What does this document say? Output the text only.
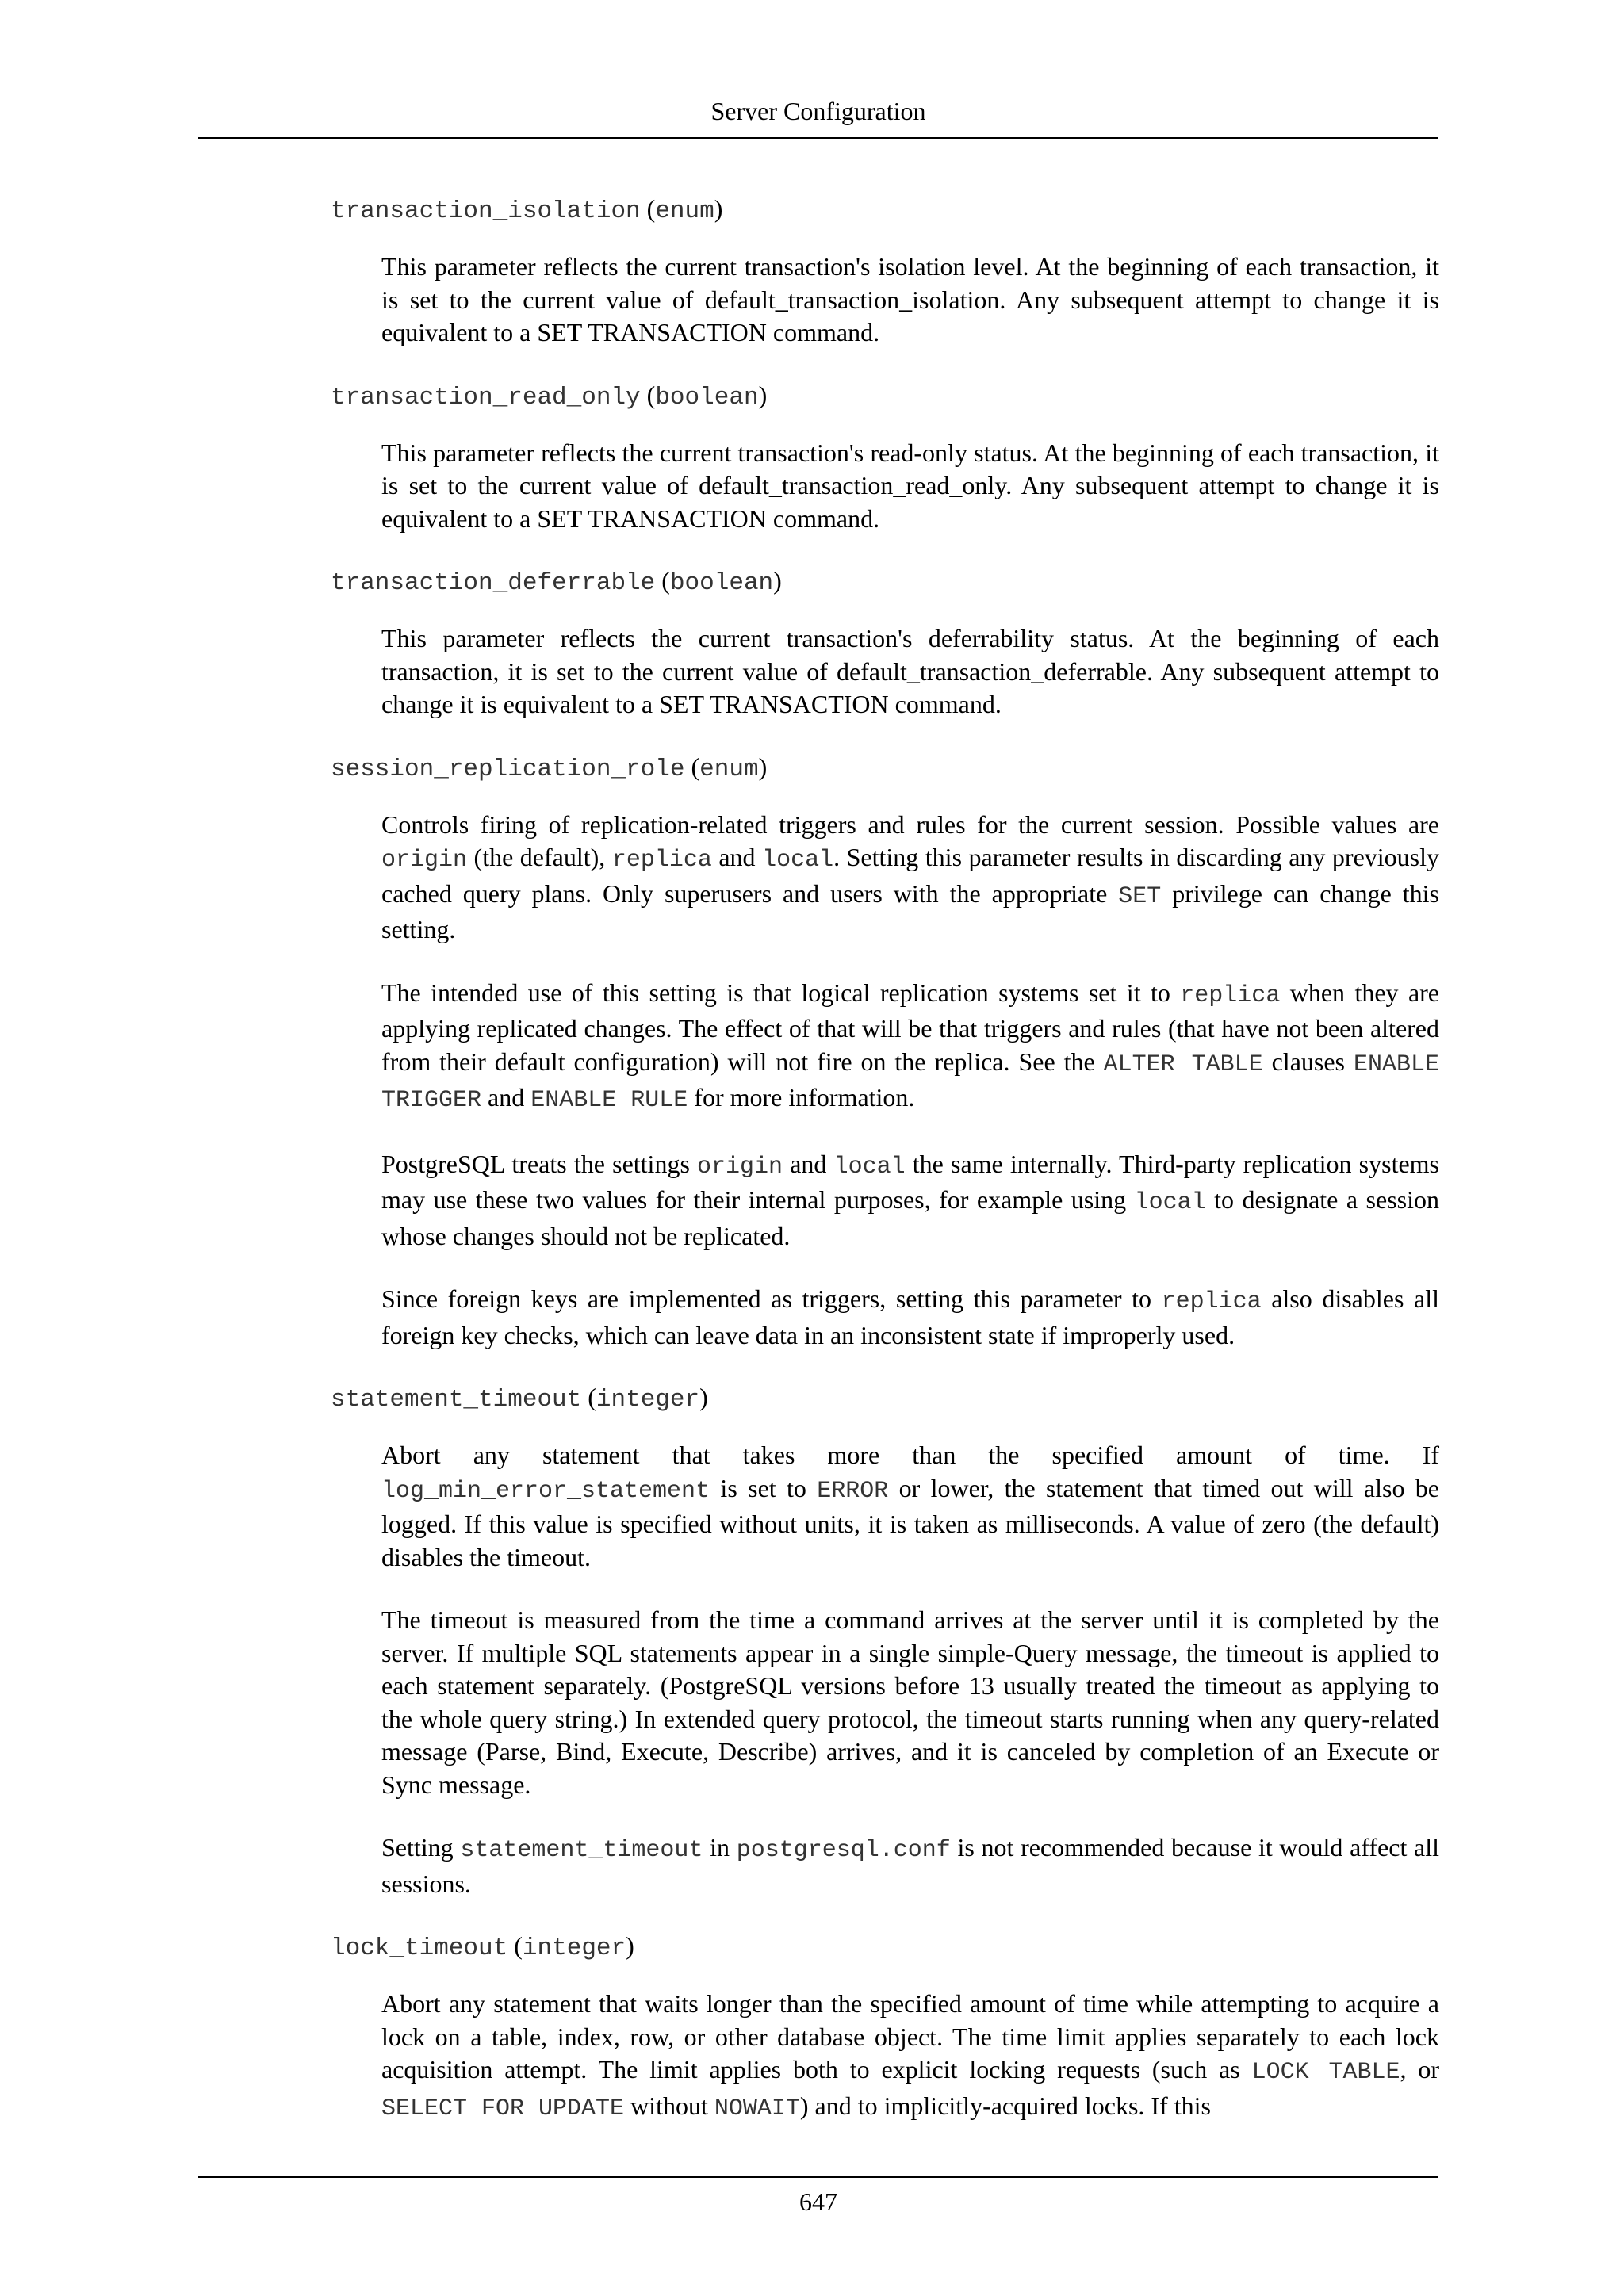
Server Configuration

transaction_isolation (enum)

This parameter reflects the current transaction's isolation level. At the beginning of each transaction, it is set to the current value of default_transaction_isolation. Any subsequent attempt to change it is equivalent to a SET TRANSACTION command.

transaction_read_only (boolean)

This parameter reflects the current transaction's read-only status. At the beginning of each transaction, it is set to the current value of default_transaction_read_only. Any subsequent attempt to change it is equivalent to a SET TRANSACTION command.

transaction_deferrable (boolean)

This parameter reflects the current transaction's deferrability status. At the beginning of each transaction, it is set to the current value of default_transaction_deferrable. Any subsequent attempt to change it is equivalent to a SET TRANSACTION command.

session_replication_role (enum)

Controls firing of replication-related triggers and rules for the current session. Possible values are origin (the default), replica and local. Setting this parameter results in discarding any previously cached query plans. Only superusers and users with the appropriate SET privilege can change this setting.

The intended use of this setting is that logical replication systems set it to replica when they are applying replicated changes. The effect of that will be that triggers and rules (that have not been altered from their default configuration) will not fire on the replica. See the ALTER TABLE clauses ENABLE TRIGGER and ENABLE RULE for more information.

PostgreSQL treats the settings origin and local the same internally. Third-party replication systems may use these two values for their internal purposes, for example using local to designate a session whose changes should not be replicated.

Since foreign keys are implemented as triggers, setting this parameter to replica also disables all foreign key checks, which can leave data in an inconsistent state if improperly used.

statement_timeout (integer)

Abort any statement that takes more than the specified amount of time. If log_min_error_statement is set to ERROR or lower, the statement that timed out will also be logged. If this value is specified without units, it is taken as milliseconds. A value of zero (the default) disables the timeout.

The timeout is measured from the time a command arrives at the server until it is completed by the server. If multiple SQL statements appear in a single simple-Query message, the timeout is applied to each statement separately. (PostgreSQL versions before 13 usually treated the timeout as applying to the whole query string.) In extended query protocol, the timeout starts running when any query-related message (Parse, Bind, Execute, Describe) arrives, and it is canceled by completion of an Execute or Sync message.

Setting statement_timeout in postgresql.conf is not recommended because it would affect all sessions.

lock_timeout (integer)

Abort any statement that waits longer than the specified amount of time while attempting to acquire a lock on a table, index, row, or other database object. The time limit applies separately to each lock acquisition attempt. The limit applies both to explicit locking requests (such as LOCK TABLE, or SELECT FOR UPDATE without NOWAIT) and to implicitly-acquired locks. If this

647
